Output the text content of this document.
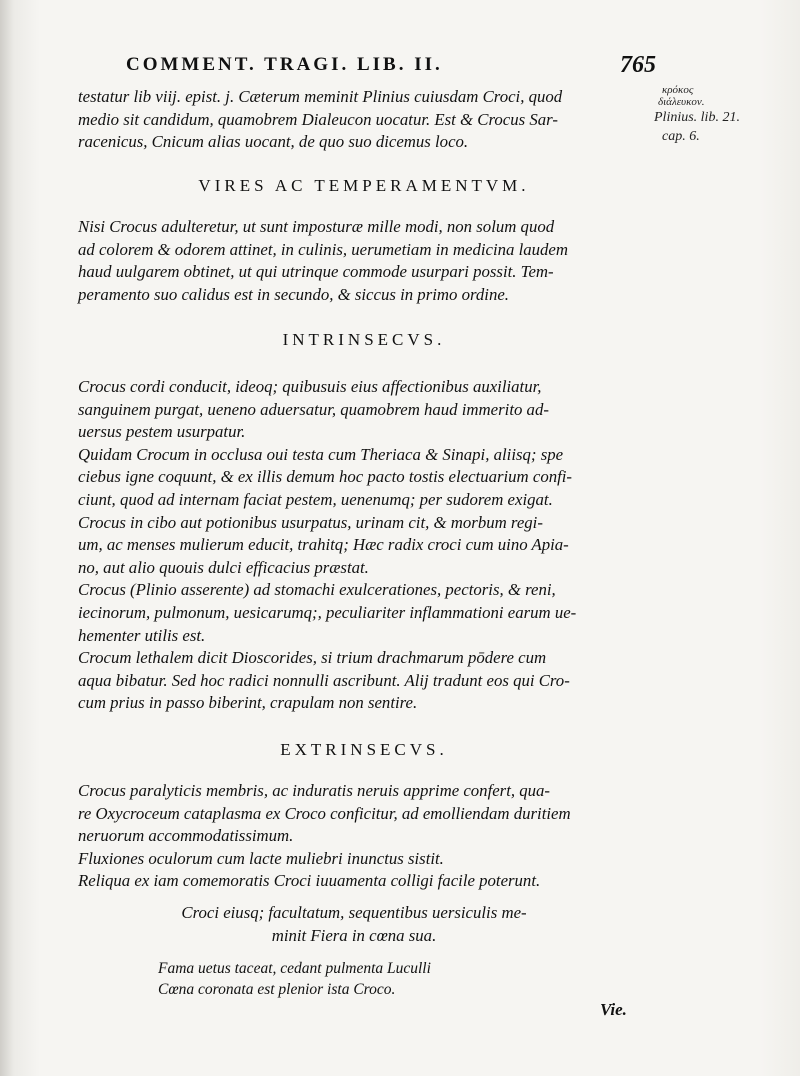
COMMENT. TRAGI. LIB. II.	765
κρόκος
διάλευκον.
Plinius. lib. 21.
cap. 6.

testatur lib viij. epist. j. Cæterum meminit Plinius cuiusdam Croci, quod

medio sit candidum, quamobrem Dialeucon uocatur. Est & Crocus Sar-

racenicus, Cnicum alias uocant, de quo suo dicemus loco.

VIRES AC TEMPERAMENTVM.

Nisi Crocus adulteretur, ut sunt imposturæ mille modi, non solum quod

ad colorem & odorem attinet, in culinis, uerumetiam in medicina laudem

haud uulgarem obtinet, ut qui utrinque commode usurpari possit. Tem-

peramento suo calidus est in secundo, & siccus in primo ordine.

INTRINSECVS.

Crocus cordi conducit, ideoq; quibusuis eius affectionibus auxiliatur,

sanguinem purgat, ueneno aduersatur, quamobrem haud immerito ad-

uersus pestem usurpatur.

Quidam Crocum in occlusa oui testa cum Theriaca & Sinapi, aliisq; spe

ciebus igne coquunt, & ex illis demum hoc pacto tostis electuarium confi-

ciunt, quod ad internam faciat pestem, uenenumq; per sudorem exigat.

Crocus in cibo aut potionibus usurpatus, urinam cit, & morbum regi-

um, ac menses mulierum educit, trahitq; Hæc radix croci cum uino Apia-

no, aut alio quouis dulci efficacius præstat.

Crocus (Plinio asserente) ad stomachi exulcerationes, pectoris, & reni,

iecinorum, pulmonum, uesicarumq;, peculiariter inflammationi earum ue-

hementer utilis est.

Crocum lethalem dicit Dioscorides, si trium drachmarum pōdere cum

aqua bibatur. Sed hoc radici nonnulli ascribunt. Alij tradunt eos qui Cro-

cum prius in passo biberint, crapulam non sentire.

EXTRINSECVS.

Crocus paralyticis membris, ac induratis neruis apprime confert, qua-

re Oxycroceum cataplasma ex Croco conficitur, ad emolliendam duritiem

neruorum accommodatissimum.

Fluxiones oculorum cum lacte muliebri inunctus sistit.

Reliqua ex iam comemoratis Croci iuuamenta colligi facile poterunt.

Croci eiusq; facultatum, sequentibus uersiculis me-

minit Fiera in cœna sua.

Fama uetus taceat, cedant pulmenta Luculli
Cœna coronata est plenior ista Croco.
Vie.
